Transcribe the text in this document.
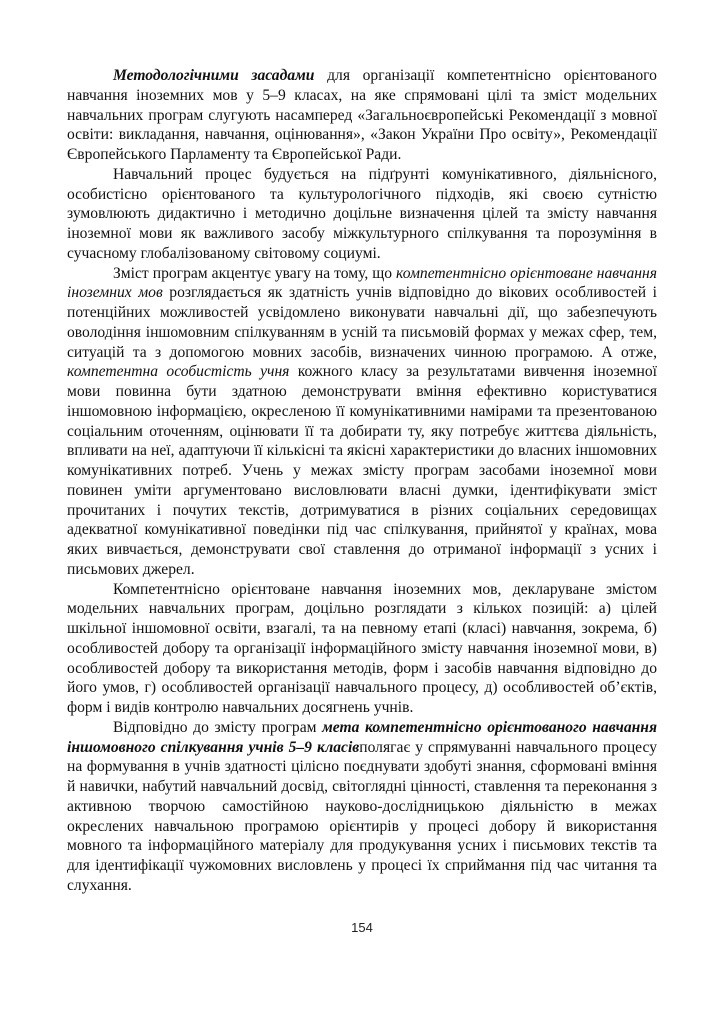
Методологічними засадами для організації компетентнісно орієнтованого навчання іноземних мов у 5–9 класах, на яке спрямовані цілі та зміст модельних навчальних програм слугують насамперед «Загальноєвропейські Рекомендації з мовної освіти: викладання, навчання, оцінювання», «Закон України Про освіту», Рекомендації Європейського Парламенту та Європейської Ради.

Навчальний процес будується на підґрунті комунікативного, діяльнісного, особистісно орієнтованого та культурологічного підходів, які своєю сутністю зумовлюють дидактично і методично доцільне визначення цілей та змісту навчання іноземної мови як важливого засобу міжкультурного спілкування та порозуміння в сучасному глобалізованому світовому социумі.

Зміст програм акцентує увагу на тому, що компетентнісно орієнтоване навчання іноземних мов розглядається як здатність учнів відповідно до вікових особливостей і потенційних можливостей усвідомлено виконувати навчальні дії, що забезпечують оволодіння іншомовним спілкуванням в усній та письмовій формах у межах сфер, тем, ситуацій та з допомогою мовних засобів, визначених чинною програмою. А отже, компетентна особистість учня кожного класу за результатами вивчення іноземної мови повинна бути здатною демонструвати вміння ефективно користуватися іншомовною інформацією, окресленою її комунікативними намірами та презентованою соціальним оточенням, оцінювати її та добирати ту, яку потребує життєва діяльність, впливати на неї, адаптуючи її кількісні та якісні характеристики до власних іншомовних комунікативних потреб. Учень у межах змісту програм засобами іноземної мови повинен уміти аргументовано висловлювати власні думки, ідентифікувати зміст прочитаних і почутих текстів, дотримуватися в різних соціальних середовищах адекватної комунікативної поведінки під час спілкування, прийнятої у країнах, мова яких вивчається, демонструвати свої ставлення до отриманої інформації з усних і письмових джерел.

Компетентнісно орієнтоване навчання іноземних мов, декларуване змістом модельних навчальних програм, доцільно розглядати з кількох позицій: а) цілей шкільної іншомовної освіти, взагалі, та на певному етапі (класі) навчання, зокрема, б) особливостей добору та організації інформаційного змісту навчання іноземної мови, в) особливостей добору та використання методів, форм і засобів навчання відповідно до його умов, г) особливостей організації навчального процесу, д) особливостей об’єктів, форм і видів контролю навчальних досягнень учнів.

Відповідно до змісту програм мета компетентнісно орієнтованого навчання іншомовного спілкування учнів 5–9 класівполягає у спрямуванні навчального процесу на формування в учнів здатності цілісно поєднувати здобуті знання, сформовані вміння й навички, набутий навчальний досвід, світоглядні цінності, ставлення та переконання з активною творчою самостійною науково-дослідницькою діяльністю в межах окреслених навчальною програмою орієнтирів у процесі добору й використання мовного та інформаційного матеріалу для продукування усних і письмових текстів та для ідентифікації чужомовних висловлень у процесі їх сприймання під час читання та слухання.

154
